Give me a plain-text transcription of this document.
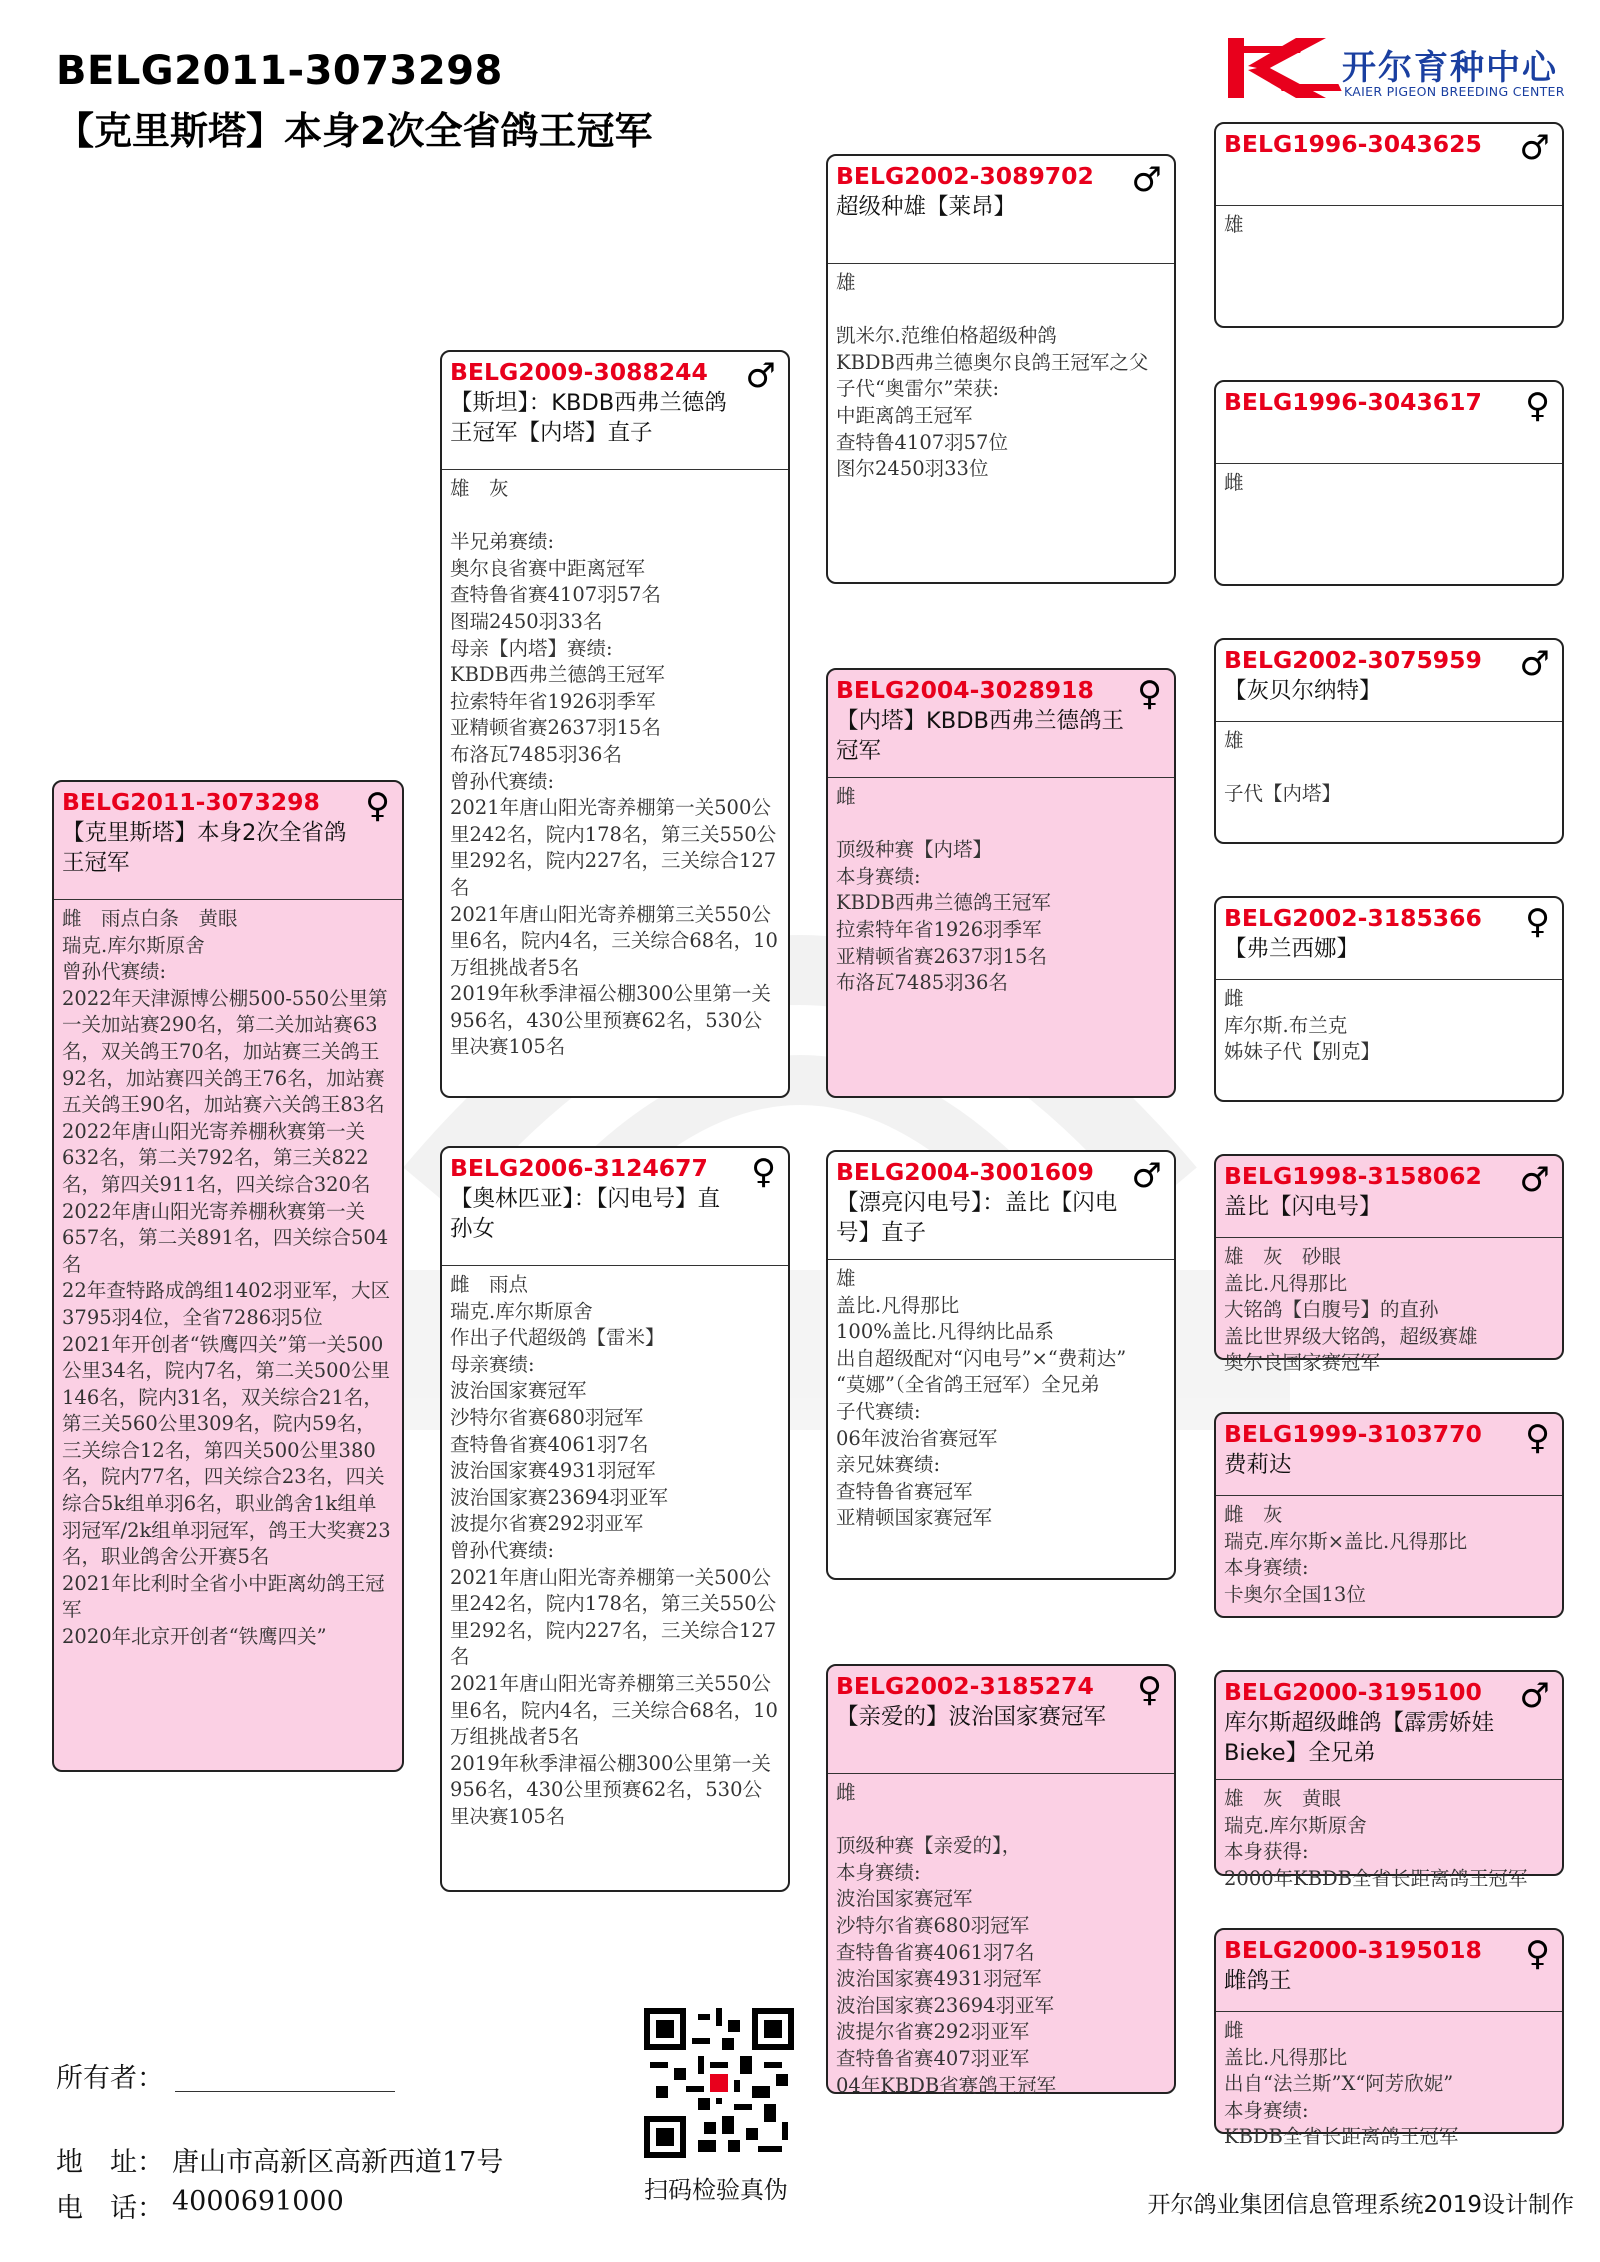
BELG2011-3073298
【克里斯塔】本身2次全省鸽王冠军
开尔育种中心
KAIER PIGEON BREEDING CENTER
BELG2011-3073298	♀
【克里斯塔】本身2次全省鸽王冠军
雌　雨点白条　黄眼
瑞克.库尔斯原舍
曾孙代赛绩:
2022年天津源博公棚500-550公里第一关加站赛290名，第二关加站赛63名，双关鸽王70名，加站赛三关鸽王92名，加站赛四关鸽王76名，加站赛五关鸽王90名，加站赛六关鸽王83名
2022年唐山阳光寄养棚秋赛第一关632名，第二关792名，第三关822名，第四关911名，四关综合320名
2022年唐山阳光寄养棚秋赛第一关657名，第二关891名，四关综合504名
22年查特路成鸽组1402羽亚军，大区3795羽4位，全省7286羽5位
2021年开创者“铁鹰四关”第一关500公里34名，院内7名，第二关500公里146名，院内31名，双关综合21名，第三关560公里309名，院内59名，三关综合12名，第四关500公里380名，院内77名，四关综合23名，四关综合5k组单羽6名，职业鸽舍1k组单羽冠军/2k组单羽冠军，鸽王大奖赛23名，职业鸽舍公开赛5名
2021年比利时全省小中距离幼鸽王冠军
2020年北京开创者“铁鹰四关”
BELG2009-3088244	♂
【斯坦】：KBDB西弗兰德鸽王冠军【内塔】直子
雄　灰
半兄弟赛绩:
奥尔良省赛中距离冠军
查特鲁省赛4107羽57名
图瑞2450羽33名
母亲【内塔】赛绩:
KBDB西弗兰德鸽王冠军
拉索特年省1926羽季军
亚精顿省赛2637羽15名
布洛瓦7485羽36名
曾孙代赛绩:
2021年唐山阳光寄养棚第一关500公里242名，院内178名，第三关550公里292名，院内227名，三关综合127名
2021年唐山阳光寄养棚第三关550公里6名，院内4名，三关综合68名，10万组挑战者5名
2019年秋季津福公棚300公里第一关956名，430公里预赛62名，530公里决赛105名
BELG2006-3124677	♀
【奥林匹亚】：【闪电号】直孙女
雌　雨点
瑞克.库尔斯原舍
作出子代超级鸽【雷米】
母亲赛绩:
波治国家赛冠军
沙特尔省赛680羽冠军
查特鲁省赛4061羽7名
波治国家赛4931羽冠军
波治国家赛23694羽亚军
波提尔省赛292羽亚军
曾孙代赛绩:
2021年唐山阳光寄养棚第一关500公里242名，院内178名，第三关550公里292名，院内227名，三关综合127名
2021年唐山阳光寄养棚第三关550公里6名，院内4名，三关综合68名，10万组挑战者5名
2019年秋季津福公棚300公里第一关956名，430公里预赛62名，530公里决赛105名
BELG2002-3089702	♂
超级种雄【莱昂】
雄
凯米尔.范维伯格超级种鸽
KBDB西弗兰德奥尔良鸽王冠军之父
子代“奥雷尔”荣获:
中距离鸽王冠军
查特鲁4107羽57位
图尔2450羽33位
BELG2004-3028918	♀
【内塔】KBDB西弗兰德鸽王冠军
雌
顶级种赛【内塔】
本身赛绩:
KBDB西弗兰德鸽王冠军
拉索特年省1926羽季军
亚精顿省赛2637羽15名
布洛瓦7485羽36名
BELG2004-3001609	♂
【漂亮闪电号】：盖比【闪电号】直子
雄
盖比.凡得那比
100%盖比.凡得纳比品系
出自超级配对“闪电号”×“费莉达”
“莫娜”（全省鸽王冠军）全兄弟
子代赛绩:
06年波治省赛冠军
亲兄妹赛绩:
查特鲁省赛冠军
亚精顿国家赛冠军
BELG2002-3185274	♀
【亲爱的】波治国家赛冠军
雌
顶级种赛【亲爱的】，
本身赛绩:
波治国家赛冠军
沙特尔省赛680羽冠军
查特鲁省赛4061羽7名
波治国家赛4931羽冠军
波治国家赛23694羽亚军
波提尔省赛292羽亚军
查特鲁省赛407羽亚军
04年KBDB省赛鸽王冠军
BELG1996-3043625	♂
雄
BELG1996-3043617	♀
雌
BELG2002-3075959	♂
【灰贝尔纳特】
雄
子代【内塔】
BELG2002-3185366	♀
【弗兰西娜】
雌
库尔斯.布兰克
姊妹子代【别克】
BELG1998-3158062	♂
盖比【闪电号】
雄　灰　砂眼
盖比.凡得那比
大铭鸽【白腹号】的直孙
盖比世界级大铭鸽，超级赛雄
奥尔良国家赛冠军
BELG1999-3103770	♀
费莉达
雌　灰
瑞克.库尔斯×盖比.凡得那比
本身赛绩:
卡奥尔全国13位
BELG2000-3195100	♂
库尔斯超级雌鸽【霹雳娇娃Bieke】全兄弟
雄　灰　黄眼
瑞克.库尔斯原舍
本身获得:
2000年KBDB全省长距离鸽王冠军
BELG2000-3195018	♀
雌鸽王
雌
盖比.凡得那比
出自“法兰斯”X“阿芳欣妮”
本身赛绩:
KBDB全省长距离鸽王冠军
所有者：
地　址： 唐山市高新区高新西道17号
电　话： 4000691000	扫码检验真伪
开尔鸽业集团信息管理系统2019设计制作
